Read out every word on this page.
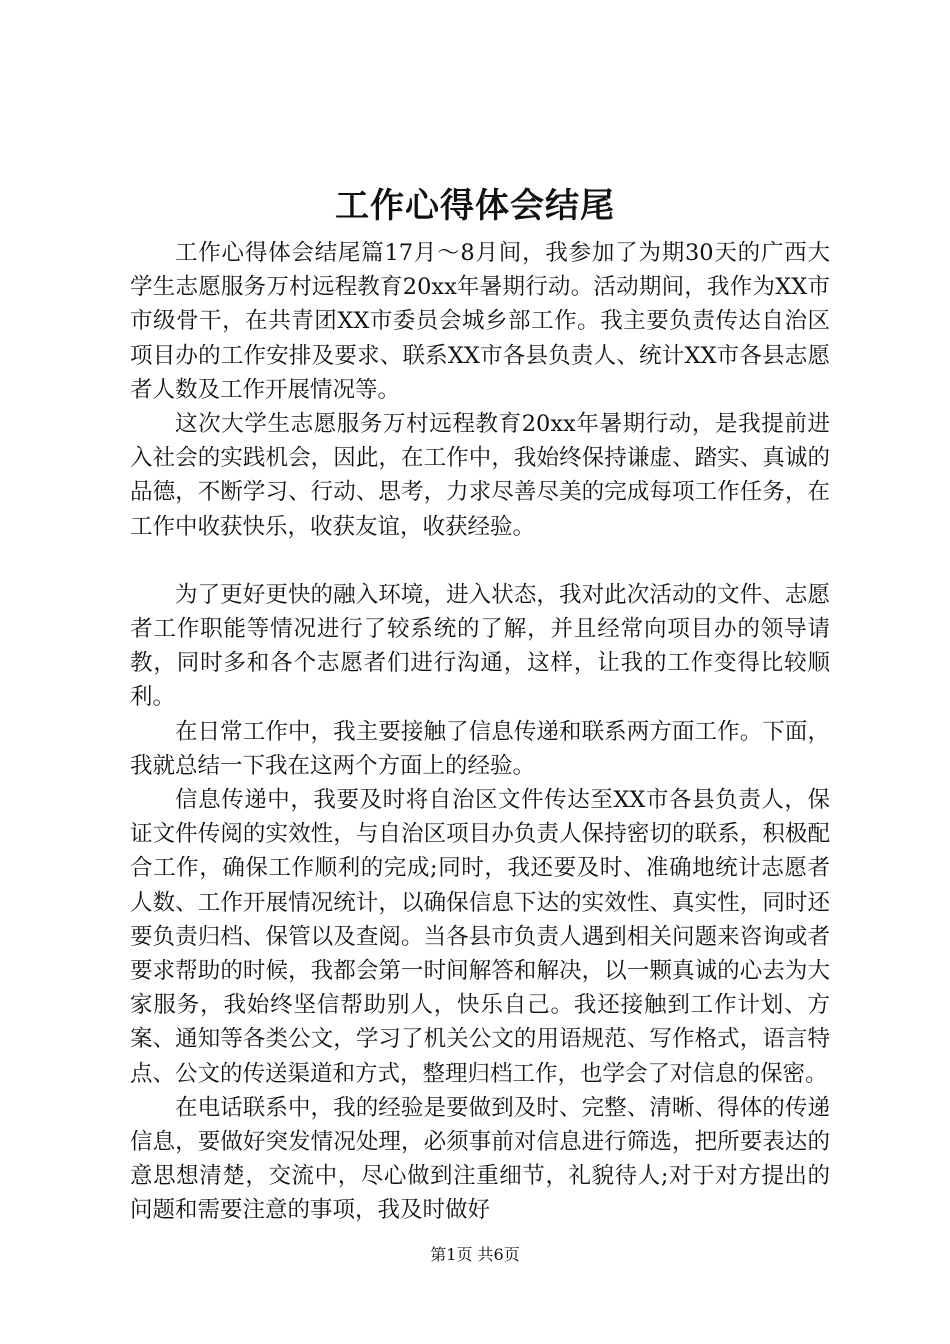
工作心得体会结尾

工作心得体会结尾篇17月～8月间，我参加了为期30天的广西大学生志愿服务万村远程教育20xx年暑期行动。活动期间，我作为XX市市级骨干，在共青团XX市委员会城乡部工作。我主要负责传达自治区项目办的工作安排及要求、联系XX市各县负责人、统计XX市各县志愿者人数及工作开展情况等。

这次大学生志愿服务万村远程教育20xx年暑期行动，是我提前进入社会的实践机会，因此，在工作中，我始终保持谦虚、踏实、真诚的品德，不断学习、行动、思考，力求尽善尽美的完成每项工作任务，在工作中收获快乐，收获友谊，收获经验。

为了更好更快的融入环境，进入状态，我对此次活动的文件、志愿者工作职能等情况进行了较系统的了解，并且经常向项目办的领导请教，同时多和各个志愿者们进行沟通，这样，让我的工作变得比较顺利。

在日常工作中，我主要接触了信息传递和联系两方面工作。下面，我就总结一下我在这两个方面上的经验。

信息传递中，我要及时将自治区文件传达至XX市各县负责人，保证文件传阅的实效性，与自治区项目办负责人保持密切的联系，积极配合工作，确保工作顺利的完成;同时，我还要及时、准确地统计志愿者人数、工作开展情况统计，以确保信息下达的实效性、真实性，同时还要负责归档、保管以及查阅。当各县市负责人遇到相关问题来咨询或者要求帮助的时候，我都会第一时间解答和解决，以一颗真诚的心去为大家服务，我始终坚信帮助别人，快乐自己。我还接触到工作计划、方案、通知等各类公文，学习了机关公文的用语规范、写作格式，语言特点、公文的传送渠道和方式，整理归档工作，也学会了对信息的保密。

在电话联系中，我的经验是要做到及时、完整、清晰、得体的传递信息，要做好突发情况处理，必须事前对信息进行筛选，把所要表达的意思想清楚，交流中，尽心做到注重细节，礼貌待人;对于对方提出的问题和需要注意的事项，我及时做好

第1页 共6页
